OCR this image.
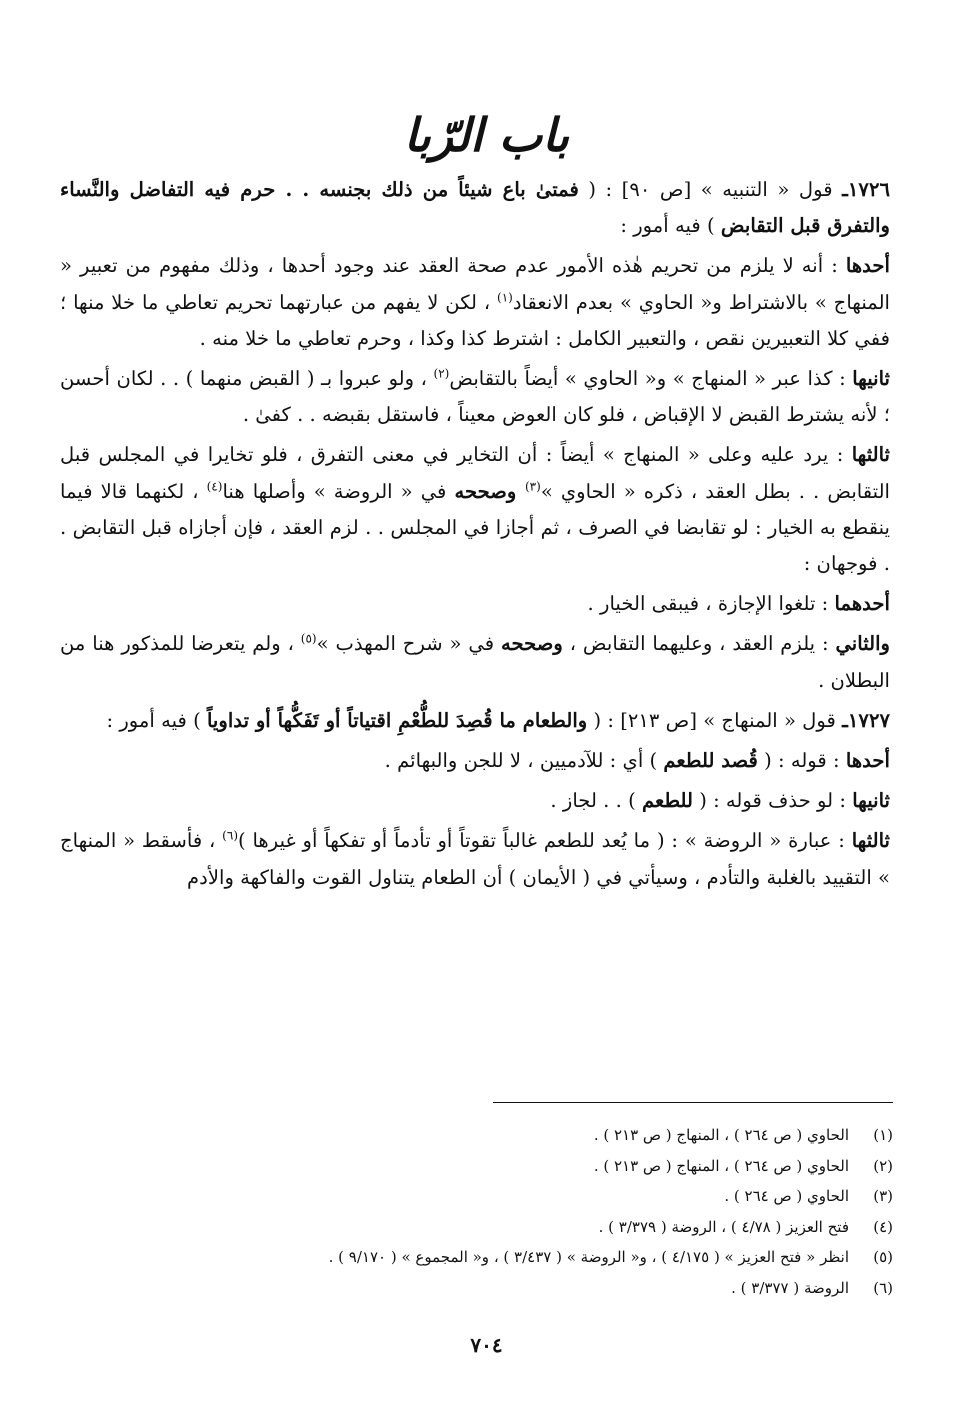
باب الرّبا

١٧٢٦ـ قول « التنبيه » [ص ٩٠] : ( فمتىٰ باع شيئاً من ذلك بجنسه . . حرم فيه التفاضل والنَّساء والتفرق قبل التقابض ) فيه أمور :

أحدها : أنه لا يلزم من تحريم هٰذه الأمور عدم صحة العقد عند وجود أحدها ، وذلك مفهوم من تعبير « المنهاج » بالاشتراط و« الحاوي » بعدم الانعقاد$^{(١)}$ ، لكن لا يفهم من عبارتهما تحريم تعاطي ما خلا منها ؛ ففي كلا التعبيرين نقص ، والتعبير الكامل : اشترط كذا وكذا ، وحرم تعاطي ما خلا منه .

ثانيها : كذا عبر « المنهاج » و« الحاوي » أيضاً بالتقابض$^{(٢)}$ ، ولو عبروا بـ ( القبض منهما ) . . لكان أحسن ؛ لأنه يشترط القبض لا الإقباض ، فلو كان العوض معيناً ، فاستقل بقبضه . . كفىٰ .

ثالثها : يرد عليه وعلى « المنهاج » أيضاً : أن التخاير في معنى التفرق ، فلو تخايرا في المجلس قبل التقابض . . بطل العقد ، ذكره « الحاوي »$^{(٣)}$ وصححه في « الروضة » وأصلها هنا$^{(٤)}$ ، لكنهما قالا فيما ينقطع به الخيار : لو تقابضا في الصرف ، ثم أجازا في المجلس . . لزم العقد ، فإن أجازاه قبل التقابض . . فوجهان :

أحدهما : تلغوا الإجازة ، فيبقى الخيار .

والثاني : يلزم العقد ، وعليهما التقابض ، وصححه في « شرح المهذب »$^{(٥)}$ ، ولم يتعرضا للمذكور هنا من البطلان .

١٧٢٧ـ قول « المنهاج » [ص ٢١٣] : ( والطعام ما قُصِدَ للطُّعْمِ اقتياتاً أو تَفَكُّهاً أو تداوياً ) فيه أمور :

أحدها : قوله : ( قُصد للطعم ) أي : للآدميين ، لا للجن والبهائم .

ثانيها : لو حذف قوله : ( للطعم ) . . لجاز .

ثالثها : عبارة « الروضة » : ( ما يُعد للطعم غالباً تقوتاً أو تأدماً أو تفكهاً أو غيرها )$^{(٦)}$ ، فأسقط « المنهاج » التقييد بالغلبة والتأدم ، وسيأتي في ( الأيمان ) أن الطعام يتناول القوت والفاكهة والأدم

(١)الحاوي ( ص ٢٦٤ ) ، المنهاج ( ص ٢١٣ ) .
(٢)الحاوي ( ص ٢٦٤ ) ، المنهاج ( ص ٢١٣ ) .
(٣)الحاوي ( ص ٢٦٤ ) .
(٤)فتح العزيز ( ٤/٧٨ ) ، الروضة ( ٣/٣٧٩ ) .
(٥)انظر « فتح العزيز » ( ٤/١٧٥ ) ، و« الروضة » ( ٣/٤٣٧ ) ، و« المجموع » ( ٩/١٧٠ ) .
(٦)الروضة ( ٣/٣٧٧ ) .
٧٠٤
